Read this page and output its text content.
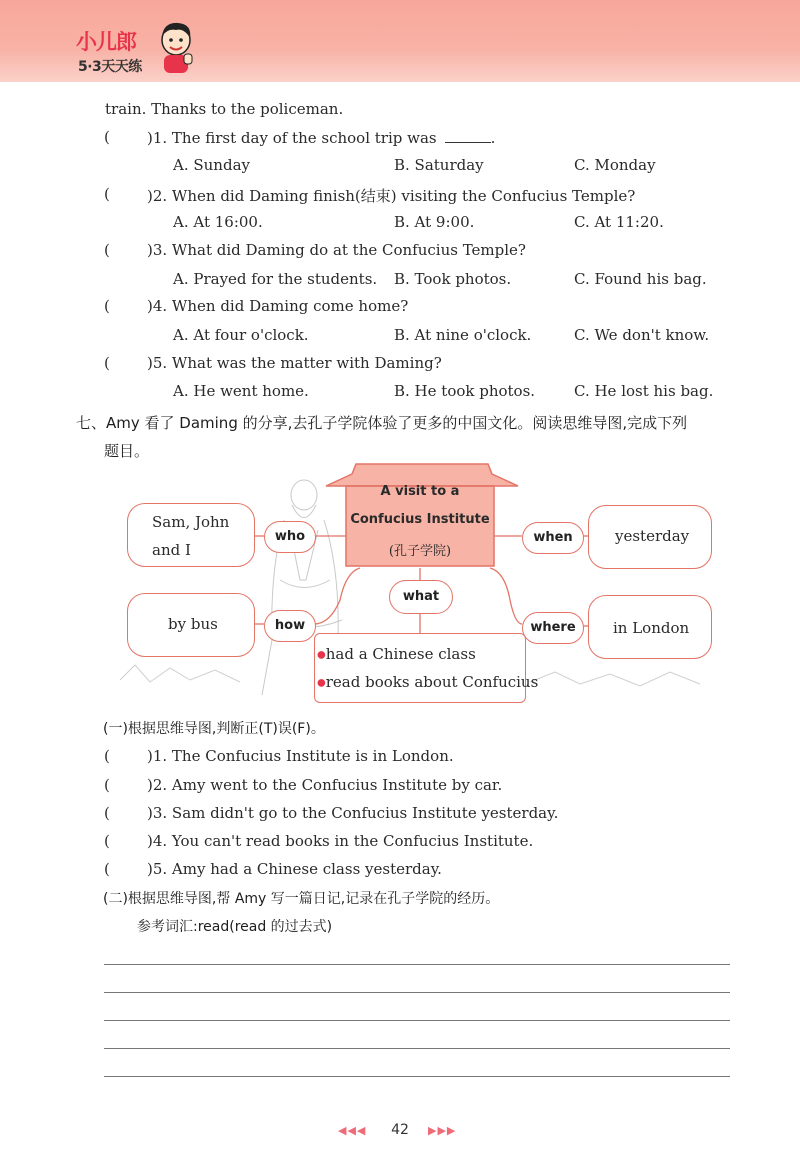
小儿郎
5·3天天练
train. Thanks to the policeman.
( )1. The first day of the school trip was	.
A. Sunday	B. Saturday	C. Monday
( )2. When did Daming finish(结束) visiting the Confucius Temple?
A. At 16:00.	B. At 9:00.	C. At 11:20.
( )3. What did Daming do at the Confucius Temple?
A. Prayed for the students. B. Took photos.	C. Found his bag.
( )4. When did Daming come home?
A. At four o'clock.	B. At nine o'clock.	C. We don't know.
( )5. What was the matter with Daming?
A. He went home.	B. He took photos.	C. He lost his bag.
七、Amy 看了 Daming 的分享,去孔子学院体验了更多的中国文化。阅读思维导图,完成下列
题目。
A visit to a
Confucius Institute
(孔子学院)
Sam, John
and I
who
by bus	how
when	yesterday
where	in London
what
●had a Chinese class
●read books about Confucius
(一)根据思维导图,判断正(T)误(F)。
( )1. The Confucius Institute is in London.
( )2. Amy went to the Confucius Institute by car.
( )3. Sam didn't go to the Confucius Institute yesterday.
( )4. You can't read books in the Confucius Institute.
( )5. Amy had a Chinese class yesterday.
(二)根据思维导图,帮 Amy 写一篇日记,记录在孔子学院的经历。
参考词汇:read(read 的过去式)
◀◀◀	42	▶▶▶
